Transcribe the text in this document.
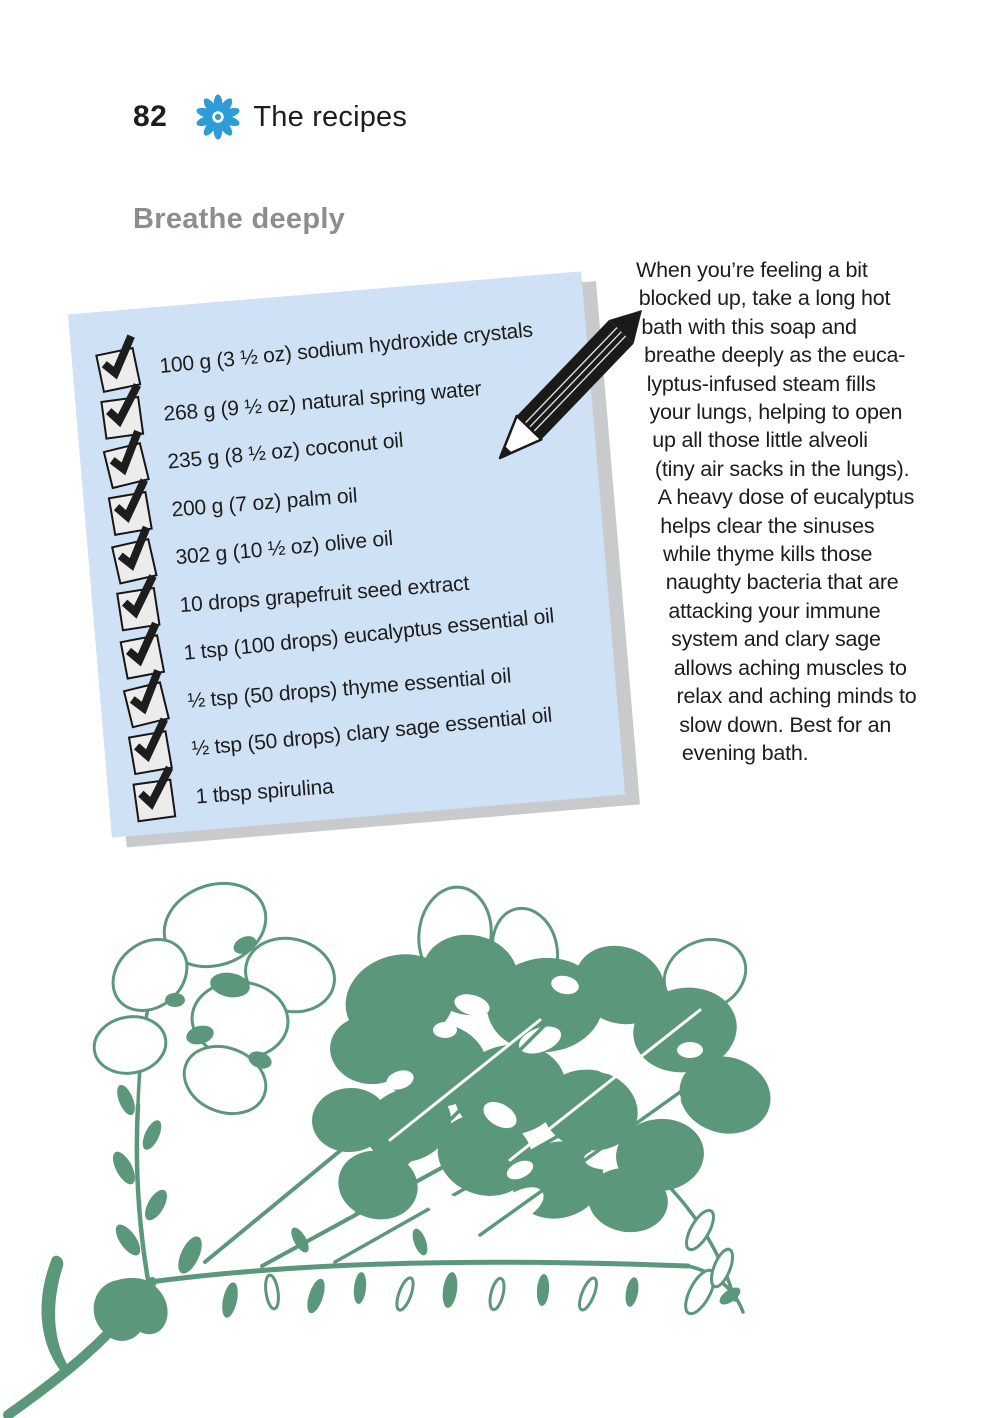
82	The recipes
Breathe deeply
100 g (3 ½ oz) sodium hydroxide crystals
268 g (9 ½ oz) natural spring water
235 g (8 ½ oz) coconut oil
200 g (7 oz) palm oil
302 g (10 ½ oz) olive oil
10 drops grapefruit seed extract
1 tsp (100 drops) eucalyptus essential oil
½ tsp (50 drops) thyme essential oil
½ tsp (50 drops) clary sage essential oil
1 tbsp spirulina
When you’re feeling a bit
blocked up, take a long hot
bath with this soap and
breathe deeply as the euca-
lyptus-infused steam fills
your lungs, helping to open
up all those little alveoli
(tiny air sacks in the lungs).
A heavy dose of eucalyptus
helps clear the sinuses
while thyme kills those
naughty bacteria that are
attacking your immune
system and clary sage
allows aching muscles to
relax and aching minds to
slow down. Best for an
evening bath.
